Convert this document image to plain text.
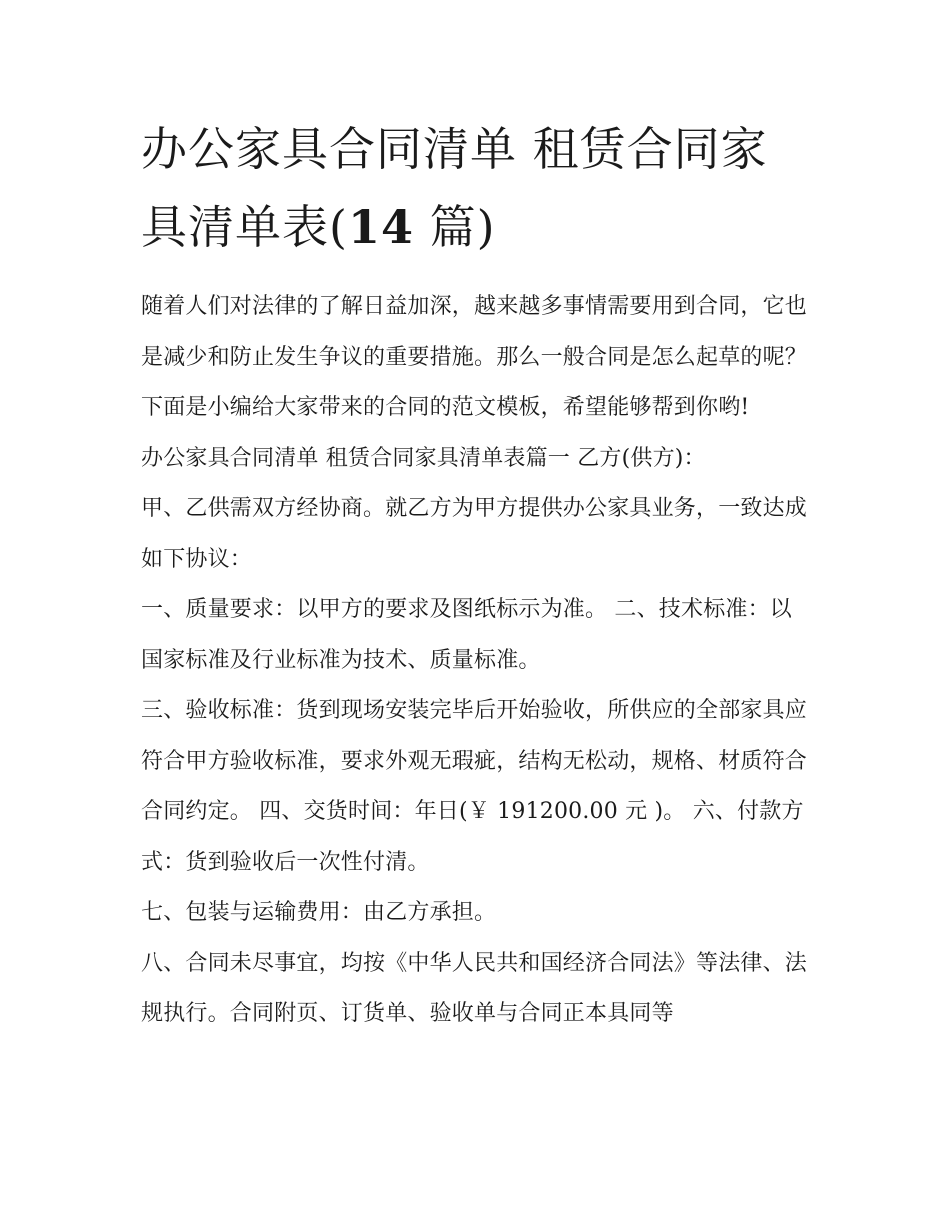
办公家具合同清单 租赁合同家具清单表(14 篇)

随着人们对法律的了解日益加深，越来越多事情需要用到合同，它也是减少和防止发生争议的重要措施。那么一般合同是怎么起草的呢？下面是小编给大家带来的合同的范文模板，希望能够帮到你哟!

办公家具合同清单 租赁合同家具清单表篇一 乙方(供方)：

甲、乙供需双方经协商。就乙方为甲方提供办公家具业务，一致达成如下协议：

一、质量要求：以甲方的要求及图纸标示为准。 二、技术标准：以国家标准及行业标准为技术、质量标准。

三、验收标准：货到现场安装完毕后开始验收，所供应的全部家具应符合甲方验收标准，要求外观无瑕疵，结构无松动，规格、材质符合合同约定。 四、交货时间：年日(￥ 191200.00 元 )。 六、付款方式：货到验收后一次性付清。

七、包装与运输费用：由乙方承担。

八、合同未尽事宜，均按《中华人民共和国经济合同法》等法律、法规执行。合同附页、订货单、验收单与合同正本具同等
